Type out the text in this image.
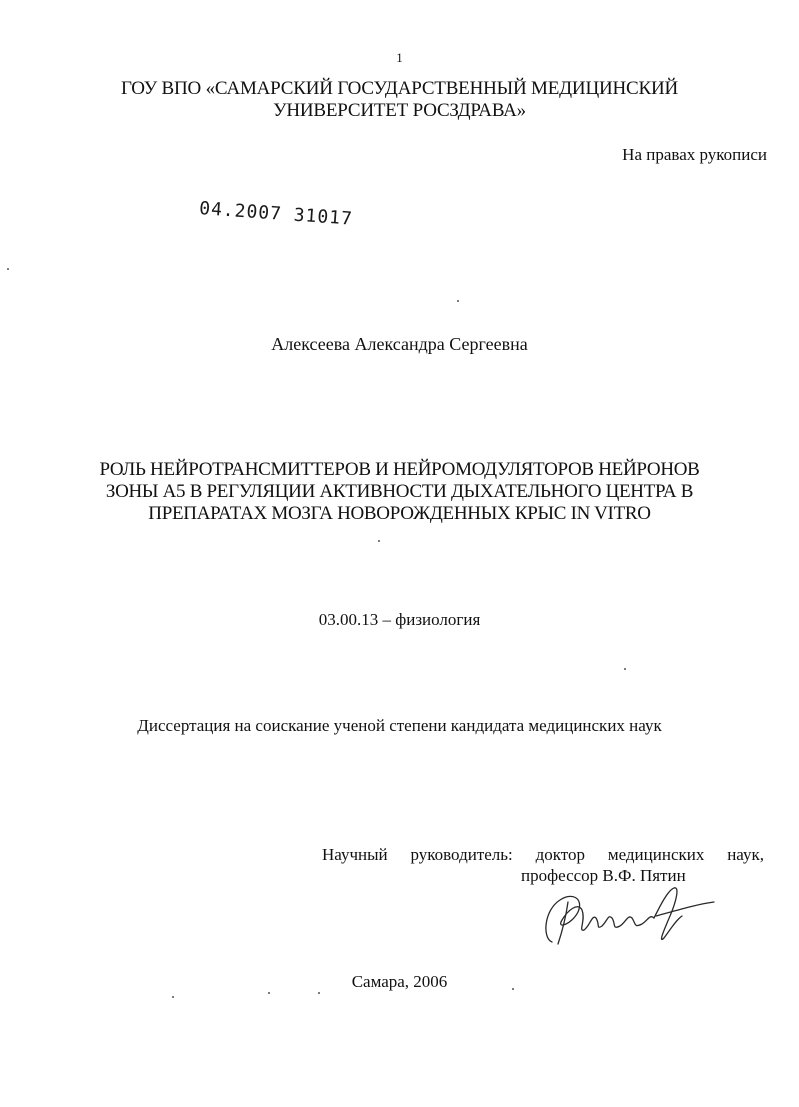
1
ГОУ ВПО «САМАРСКИЙ ГОСУДАРСТВЕННЫЙ МЕДИЦИНСКИЙ
УНИВЕРСИТЕТ РОСЗДРАВА»
На правах рукописи
04.2007 31017
Алексеева Александра Сергеевна
РОЛЬ НЕЙРОТРАНСМИТТЕРОВ И НЕЙРОМОДУЛЯТОРОВ НЕЙРОНОВ
ЗОНЫ А5 В РЕГУЛЯЦИИ АКТИВНОСТИ ДЫХАТЕЛЬНОГО ЦЕНТРА В
ПРЕПАРАТАХ МОЗГА НОВОРОЖДЕННЫХ КРЫС IN VITRO
03.00.13 – физиология
Диссертация на соискание ученой степени кандидата медицинских наук
Научный руководитель: доктор медицинских наук,
профессор В.Ф. Пятин
Самара, 2006
